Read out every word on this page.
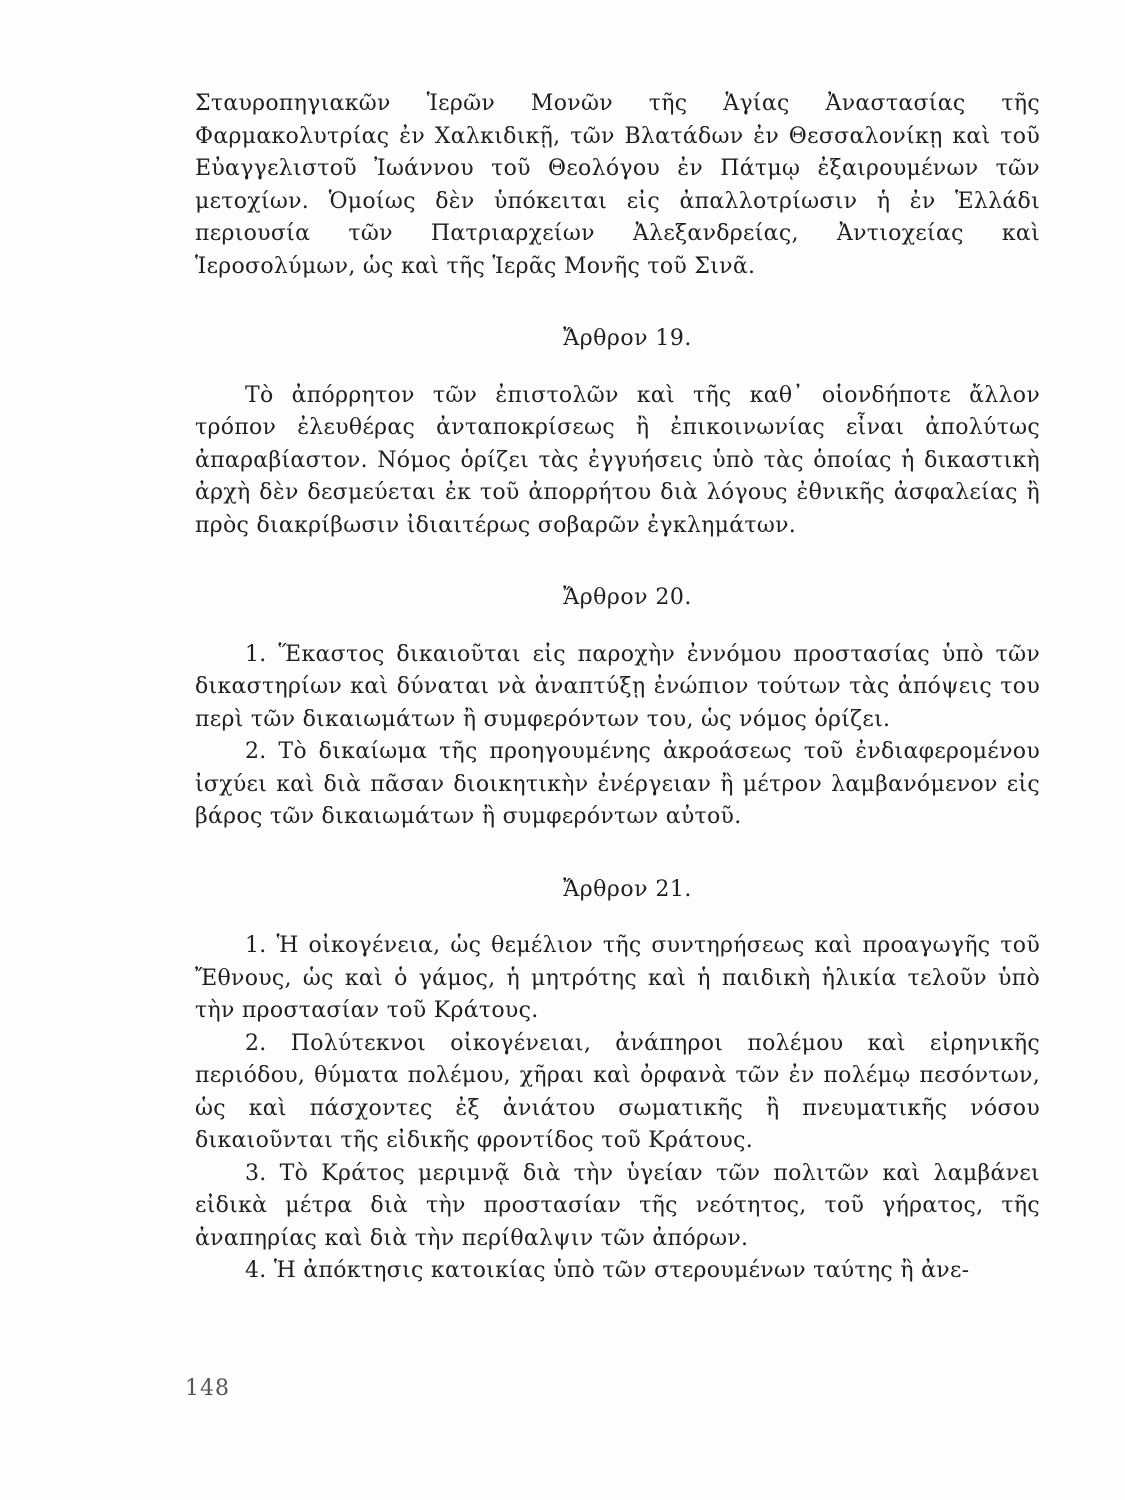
Σταυροπηγιακῶν Ἱερῶν Μονῶν τῆς Ἁγίας Ἀναστασίας τῆς Φαρμακολυτρίας ἐν Χαλκιδικῇ, τῶν Βλατάδων ἐν Θεσσαλονίκῃ καὶ τοῦ Εὐαγγελιστοῦ Ἰωάννου τοῦ Θεολόγου ἐν Πάτμῳ ἐξαιρουμένων τῶν μετοχίων. Ὁμοίως δὲν ὑπόκειται εἰς ἀπαλλοτρίωσιν ἡ ἐν Ἑλλάδι περιουσία τῶν Πατριαρχείων Ἀλεξανδρείας, Ἀντιοχείας καὶ Ἱεροσολύμων, ὡς καὶ τῆς Ἱερᾶς Μονῆς τοῦ Σινᾶ.

Ἄρθρον 19.

Τὸ ἀπόρρητον τῶν ἐπιστολῶν καὶ τῆς καθ᾽ οἱονδήποτε ἄλλον τρόπον ἐλευθέρας ἀνταποκρίσεως ἢ ἐπικοινωνίας εἶναι ἀπολύτως ἀπαραβίαστον. Νόμος ὁρίζει τὰς ἐγγυήσεις ὑπὸ τὰς ὁποίας ἡ δικαστικὴ ἀρχὴ δὲν δεσμεύεται ἐκ τοῦ ἀπορρήτου διὰ λόγους ἐθνικῆς ἀσφαλείας ἢ πρὸς διακρίβωσιν ἰδιαιτέρως σοβαρῶν ἐγκλημάτων.

Ἄρθρον 20.

1. Ἕκαστος δικαιοῦται εἰς παροχὴν ἐννόμου προστασίας ὑπὸ τῶν δικαστηρίων καὶ δύναται νὰ ἀναπτύξῃ ἐνώπιον τούτων τὰς ἀπόψεις του περὶ τῶν δικαιωμάτων ἢ συμφερόντων του, ὡς νόμος ὁρίζει.

2. Τὸ δικαίωμα τῆς προηγουμένης ἀκροάσεως τοῦ ἐνδιαφερομένου ἰσχύει καὶ διὰ πᾶσαν διοικητικὴν ἐνέργειαν ἢ μέτρον λαμβανόμενον εἰς βάρος τῶν δικαιωμάτων ἢ συμφερόντων αὐτοῦ.

Ἄρθρον 21.

1. Ἡ οἰκογένεια, ὡς θεμέλιον τῆς συντηρήσεως καὶ προαγωγῆς τοῦ Ἔθνους, ὡς καὶ ὁ γάμος, ἡ μητρότης καὶ ἡ παιδικὴ ἡλικία τελοῦν ὑπὸ τὴν προστασίαν τοῦ Κράτους.

2. Πολύτεκνοι οἰκογένειαι, ἀνάπηροι πολέμου καὶ εἰρηνικῆς περιόδου, θύματα πολέμου, χῆραι καὶ ὀρφανὰ τῶν ἐν πολέμῳ πεσόντων, ὡς καὶ πάσχοντες ἐξ ἀνιάτου σωματικῆς ἢ πνευματικῆς νόσου δικαιοῦνται τῆς εἰδικῆς φροντίδος τοῦ Κράτους.

3. Τὸ Κράτος μεριμνᾷ διὰ τὴν ὑγείαν τῶν πολιτῶν καὶ λαμβάνει εἰδικὰ μέτρα διὰ τὴν προστασίαν τῆς νεότητος, τοῦ γήρατος, τῆς ἀναπηρίας καὶ διὰ τὴν περίθαλψιν τῶν ἀπόρων.

4. Ἡ ἀπόκτησις κατοικίας ὑπὸ τῶν στερουμένων ταύτης ἢ ἀνε-

148
